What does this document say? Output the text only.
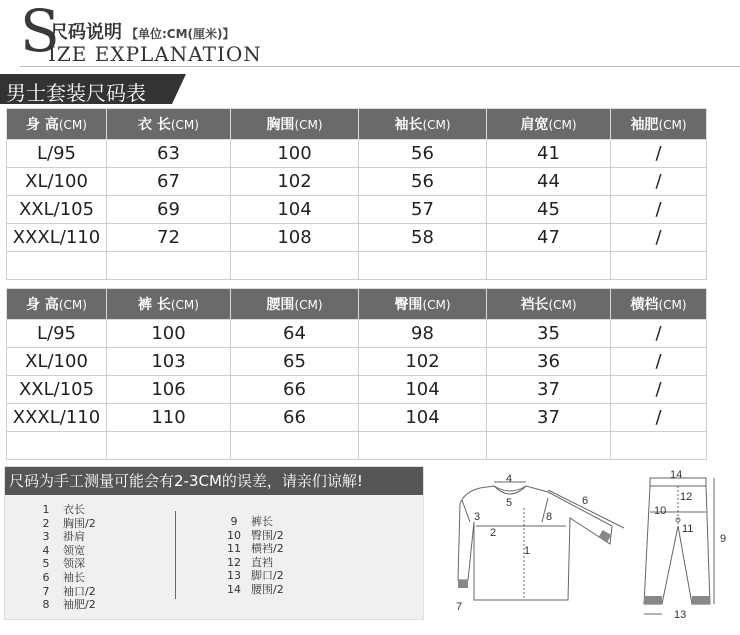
S
尺码说明 【单位:CM(厘米)】
IZE EXPLANATION
男士套装尺码表
身 高(CM)	衣 长(CM)	胸围(CM)	袖长(CM)	肩宽(CM)	袖肥(CM)
L/95	63	100	56	41	/
XL/100	67	102	56	44	/
XXL/105	69	104	57	45	/
XXXL/110	72	108	58	47	/

身 高(CM)	裤 长(CM)	腰围(CM)	臀围(CM)	裆长(CM)	横档(CM)
L/95	100	64	98	35	/
XL/100	103	65	102	36	/
XXL/105	106	66	104	37	/
XXXL/110	110	66	104	37	/

尺码为手工测量可能会有2-3CM的误差，请亲们谅解!
1 衣长
2 胸围/2
3 褂肩
4 领宽
5 领深
6 袖长
7 袖口/2
8 袖肥/2
9 裤长
10 臀围/2
11 横裆/2
12 直裆
13 脚口/2
14 腰围/2
4
5
3
2
1
8
6
7
14
12
10
11
9
13
